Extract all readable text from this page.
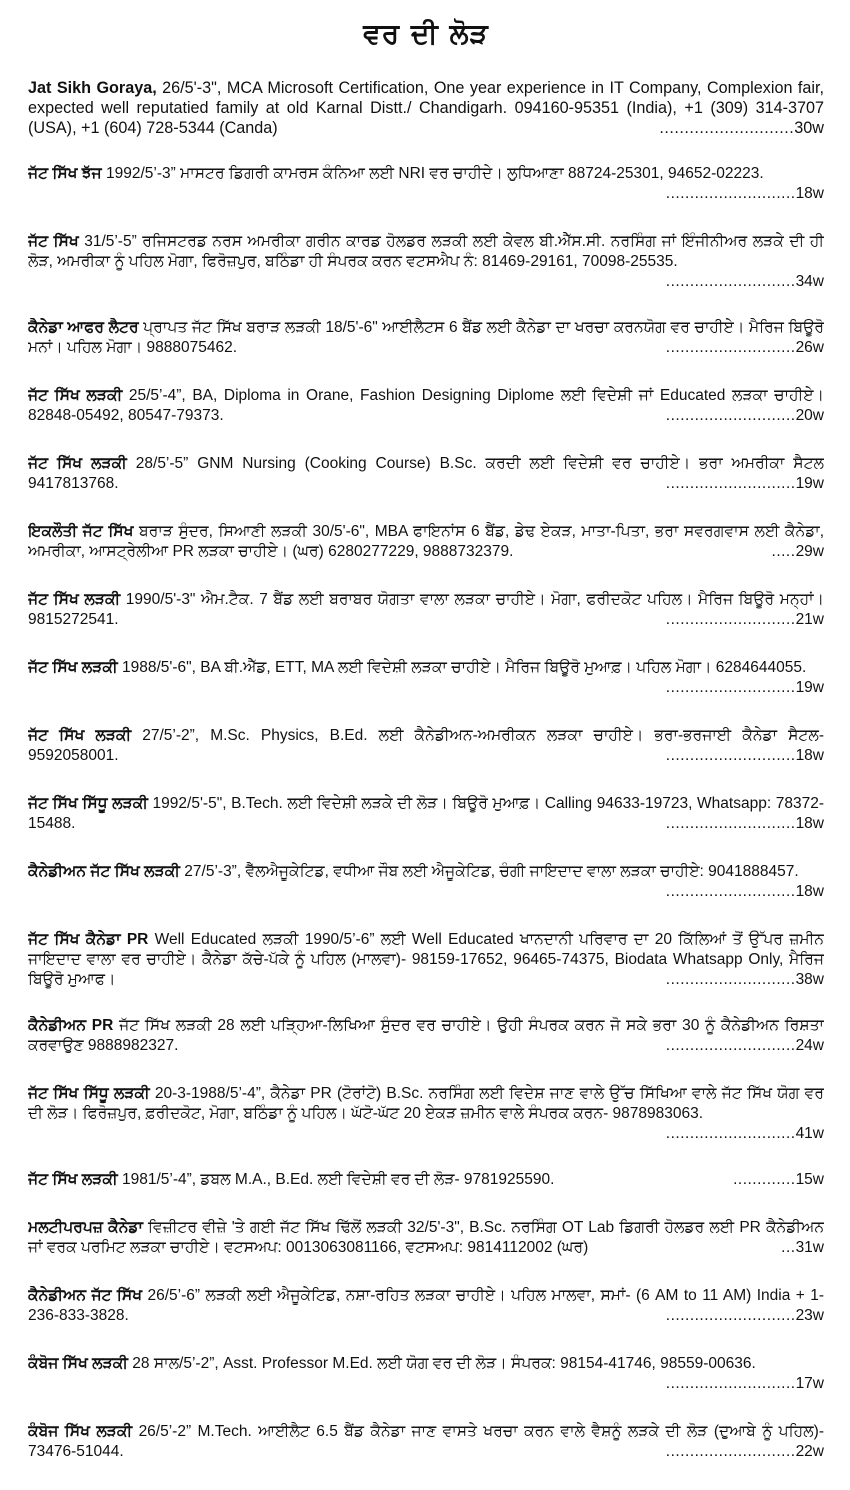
ਵਰ ਦੀ ਲੋੜ
Jat Sikh Goraya, 26/5'-3", MCA Microsoft Certification, One year experience in IT Company, Complexion fair, expected well reputatied family at old Karnal Distt./ Chandigarh. 094160-95351 (India), +1 (309) 314-3707 (USA), +1 (604) 728-5344 (Canda)	...........................30w
ਜੱਟ ਸਿੱਖ ਝੱਜ 1992/5’-3” ਮਾਸਟਰ ਡਿਗਰੀ ਕਾਮਰਸ ਕੰਨਿਆ ਲਈ NRI ਵਰ ਚਾਹੀਦੇ। ਲੁਧਿਆਣਾ 88724-25301, 94652-02223.
...........................18w
ਜੱਟ ਸਿੱਖ 31/5’-5” ਰਜਿਸਟਰਡ ਨਰਸ ਅਮਰੀਕਾ ਗਰੀਨ ਕਾਰਡ ਹੋਲਡਰ ਲੜਕੀ ਲਈ ਕੇਵਲ ਬੀ.ਐੱਸ.ਸੀ. ਨਰਸਿੰਗ ਜਾਂ ਇੰਜੀਨੀਅਰ ਲੜਕੇ ਦੀ ਹੀ ਲੋੜ, ਅਮਰੀਕਾ ਨੂੰ ਪਹਿਲ ਮੋਗਾ, ਫਿਰੋਜ਼ਪੁਰ, ਬਠਿੰਡਾ ਹੀ ਸੰਪਰਕ ਕਰਨ ਵਟਸਐਪ ਨੰ: 81469-29161, 70098-25535.
...........................34w
ਕੈਨੇਡਾ ਆਫਰ ਲੈਟਰ ਪ੍ਰਾਪਤ ਜੱਟ ਸਿੱਖ ਬਰਾੜ ਲੜਕੀ 18/5'-6" ਆਈਲੈਟਸ 6 ਬੈਂਡ ਲਈ ਕੈਨੇਡਾ ਦਾ ਖਰਚਾ ਕਰਨਯੋਗ ਵਰ ਚਾਹੀਏ। ਮੈਰਿਜ ਬਿਊਰੋ ਮਨਾਂ। ਪਹਿਲ ਮੋਗਾ। 9888075462.	...........................26w
ਜੱਟ ਸਿੱਖ ਲੜਕੀ 25/5’-4”, BA, Diploma in Orane, Fashion Designing Diplome ਲਈ ਵਿਦੇਸ਼ੀ ਜਾਂ Educated ਲੜਕਾ ਚਾਹੀਏ। 82848-05492, 80547-79373.	...........................20w
ਜੱਟ ਸਿੱਖ ਲੜਕੀ 28/5’-5” GNM Nursing (Cooking Course) B.Sc. ਕਰਦੀ ਲਈ ਵਿਦੇਸ਼ੀ ਵਰ ਚਾਹੀਏ। ਭਰਾ ਅਮਰੀਕਾ ਸੈਟਲ 9417813768.	...........................19w
ਇਕਲੌਤੀ ਜੱਟ ਸਿੱਖ ਬਰਾੜ ਸੁੰਦਰ, ਸਿਆਣੀ ਲੜਕੀ 30/5'-6", MBA ਫਾਇਨਾਂਸ 6 ਬੈਂਡ, ਡੇਢ ਏਕੜ, ਮਾਤਾ-ਪਿਤਾ, ਭਰਾ ਸਵਰਗਵਾਸ ਲਈ ਕੈਨੇਡਾ, ਅਮਰੀਕਾ, ਆਸਟ੍ਰੇਲੀਆ PR ਲੜਕਾ ਚਾਹੀਏ। (ਘਰ) 6280277229, 9888732379.	.....29w
ਜੱਟ ਸਿੱਖ ਲੜਕੀ 1990/5'-3" ਐਮ.ਟੈਕ. 7 ਬੈਂਡ ਲਈ ਬਰਾਬਰ ਯੋਗਤਾ ਵਾਲਾ ਲੜਕਾ ਚਾਹੀਏ। ਮੋਗਾ, ਫਰੀਦਕੋਟ ਪਹਿਲ। ਮੈਰਿਜ ਬਿਊਰੋ ਮਨ੍ਹਾਂ। 9815272541.	...........................21w
ਜੱਟ ਸਿੱਖ ਲੜਕੀ 1988/5'-6", BA ਬੀ.ਐੱਡ, ETT, MA ਲਈ ਵਿਦੇਸ਼ੀ ਲੜਕਾ ਚਾਹੀਏ। ਮੈਰਿਜ ਬਿਊਰੋ ਮੁਆਫ਼। ਪਹਿਲ ਮੋਗਾ। 6284644055.
...........................19w
ਜੱਟ ਸਿੱਖ ਲੜਕੀ 27/5’-2”, M.Sc. Physics, B.Ed. ਲਈ ਕੈਨੇਡੀਅਨ-ਅਮਰੀਕਨ ਲੜਕਾ ਚਾਹੀਏ। ਭਰਾ-ਭਰਜਾਈ ਕੈਨੇਡਾ ਸੈਟਲ- 9592058001.	...........................18w
ਜੱਟ ਸਿੱਖ ਸਿੱਧੂ ਲੜਕੀ 1992/5'-5", B.Tech. ਲਈ ਵਿਦੇਸ਼ੀ ਲੜਕੇ ਦੀ ਲੋੜ। ਬਿਊਰੋ ਮੁਆਫ਼। Calling 94633-19723, Whatsapp: 78372-15488.	...........................18w
ਕੈਨੇਡੀਅਨ ਜੱਟ ਸਿੱਖ ਲੜਕੀ 27/5’-3”, ਵੈੱਲਐਜੂਕੇਟਿਡ, ਵਧੀਆ ਜੌਬ ਲਈ ਐਜੂਕੇਟਿਡ, ਚੰਗੀ ਜਾਇਦਾਦ ਵਾਲਾ ਲੜਕਾ ਚਾਹੀਏ: 9041888457.
...........................18w
ਜੱਟ ਸਿੱਖ ਕੈਨੇਡਾ PR Well Educated ਲੜਕੀ 1990/5’-6” ਲਈ Well Educated ਖਾਨਦਾਨੀ ਪਰਿਵਾਰ ਦਾ 20 ਕਿੱਲਿਆਂ ਤੋਂ ਉੱਪਰ ਜ਼ਮੀਨ ਜਾਇਦਾਦ ਵਾਲਾ ਵਰ ਚਾਹੀਏ। ਕੈਨੇਡਾ ਕੱਚੇ-ਪੱਕੇ ਨੂੰ ਪਹਿਲ (ਮਾਲਵਾ)- 98159-17652, 96465-74375, Biodata Whatsapp Only, ਮੈਰਿਜ ਬਿਊਰੋ ਮੁਆਫ।	...........................38w
ਕੈਨੇਡੀਅਨ PR ਜੱਟ ਸਿੱਖ ਲੜਕੀ 28 ਲਈ ਪੜ੍ਹਿਆ-ਲਿਖਿਆ ਸੁੰਦਰ ਵਰ ਚਾਹੀਏ। ਉਹੀ ਸੰਪਰਕ ਕਰਨ ਜੋ ਸਕੇ ਭਰਾ 30 ਨੂੰ ਕੈਨੇਡੀਅਨ ਰਿਸ਼ਤਾ ਕਰਵਾਉਣ 9888982327.	...........................24w
ਜੱਟ ਸਿੱਖ ਸਿੱਧੂ ਲੜਕੀ 20-3-1988/5’-4”, ਕੈਨੇਡਾ PR (ਟੋਰਾਂਟੋ) B.Sc. ਨਰਸਿੰਗ ਲਈ ਵਿਦੇਸ਼ ਜਾਣ ਵਾਲੇ ਉੱਚ ਸਿੱਖਿਆ ਵਾਲੇ ਜੱਟ ਸਿੱਖ ਯੋਗ ਵਰ ਦੀ ਲੋੜ। ਫਿਰੋਜ਼ਪੁਰ, ਫ਼ਰੀਦਕੋਟ, ਮੋਗਾ, ਬਠਿੰਡਾ ਨੂੰ ਪਹਿਲ। ਘੱਟੋ-ਘੱਟ 20 ਏਕੜ ਜ਼ਮੀਨ ਵਾਲੇ ਸੰਪਰਕ ਕਰਨ- 9878983063.
...........................41w
ਜੱਟ ਸਿੱਖ ਲੜਕੀ 1981/5’-4”, ਡਬਲ M.A., B.Ed. ਲਈ ਵਿਦੇਸ਼ੀ ਵਰ ਦੀ ਲੋੜ- 9781925590.	.............15w
ਮਲਟੀਪਰਪਜ਼ ਕੈਨੇਡਾ ਵਿਜ਼ੀਟਰ ਵੀਜ਼ੇ 'ਤੇ ਗਈ ਜੱਟ ਸਿੱਖ ਢਿੱਲੋਂ ਲੜਕੀ 32/5'-3", B.Sc. ਨਰਸਿੰਗ OT Lab ਡਿਗਰੀ ਹੋਲਡਰ ਲਈ PR ਕੈਨੇਡੀਅਨ ਜਾਂ ਵਰਕ ਪਰਮਿਟ ਲੜਕਾ ਚਾਹੀਏ। ਵਟਸਅਪ: 0013063081166, ਵਟਸਅਪ: 9814112002 (ਘਰ)	...31w
ਕੈਨੇਡੀਅਨ ਜੱਟ ਸਿੱਖ 26/5’-6” ਲੜਕੀ ਲਈ ਐਜੂਕੇਟਿਡ, ਨਸ਼ਾ-ਰਹਿਤ ਲੜਕਾ ਚਾਹੀਏ। ਪਹਿਲ ਮਾਲਵਾ, ਸਮਾਂ- (6 AM to 11 AM) India + 1-236-833-3828.	...........................23w
ਕੰਬੋਜ ਸਿੱਖ ਲੜਕੀ 28 ਸਾਲ/5’-2”, Asst. Professor M.Ed. ਲਈ ਯੋਗ ਵਰ ਦੀ ਲੋੜ। ਸੰਪਰਕ: 98154-41746, 98559-00636.
...........................17w
ਕੰਬੋਜ ਸਿੱਖ ਲੜਕੀ 26/5’-2” M.Tech. ਆਈਲੈਟ 6.5 ਬੈਂਡ ਕੈਨੇਡਾ ਜਾਣ ਵਾਸਤੇ ਖਰਚਾ ਕਰਨ ਵਾਲੇ ਵੈਸ਼ਨੂੰ ਲੜਕੇ ਦੀ ਲੋੜ (ਦੁਆਬੇ ਨੂੰ ਪਹਿਲ)- 73476-51044.	...........................22w
